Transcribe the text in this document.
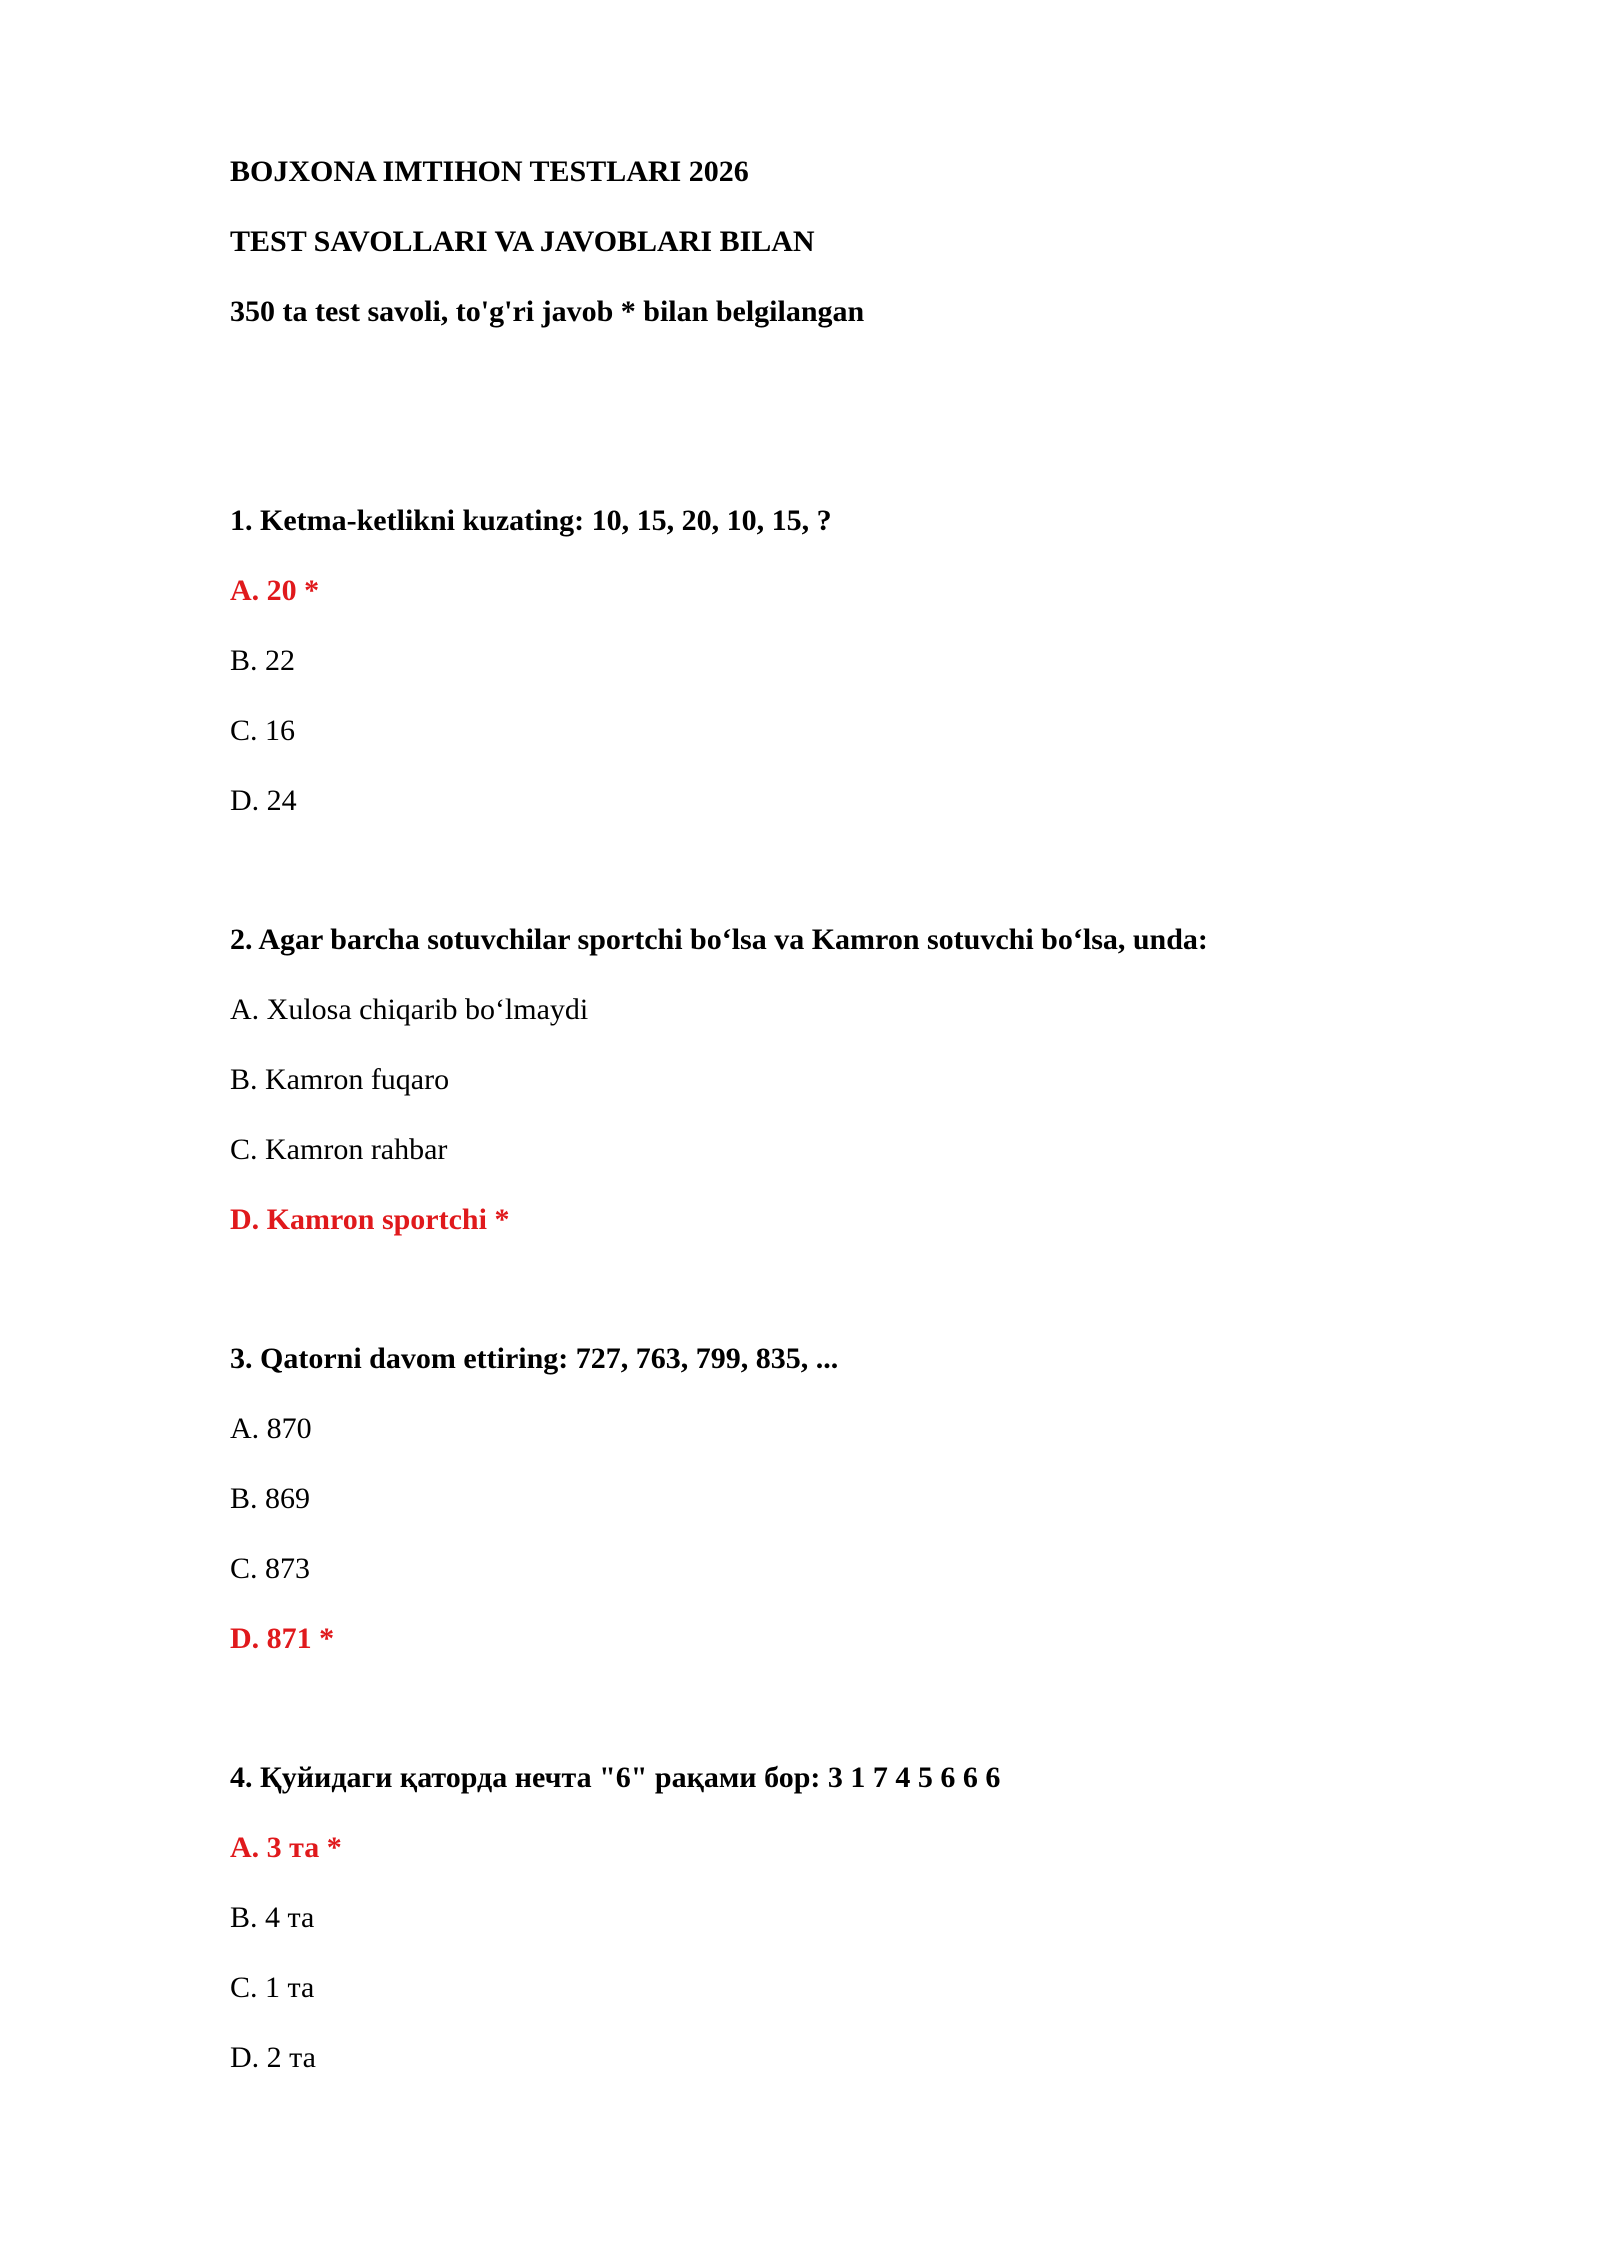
BOJXONA IMTIHON TESTLARI 2026
TEST SAVOLLARI VA JAVOBLARI BILAN
350 ta test savoli, to'g'ri javob * bilan belgilangan
1. Ketma-ketlikni kuzating: 10, 15, 20, 10, 15, ?
A. 20 *
B. 22
C. 16
D. 24
2. Agar barcha sotuvchilar sportchi bo‘lsa va Kamron sotuvchi bo‘lsa, unda:
A. Xulosa chiqarib bo‘lmaydi
B. Kamron fuqaro
C. Kamron rahbar
D. Kamron sportchi *
3. Qatorni davom ettiring: 727, 763, 799, 835, ...
A. 870
B. 869
C. 873
D. 871 *
4. Қуйидаги қаторда нечта "6" рақами бор: 3 1 7 4 5 6 6 6
A. 3 та *
B. 4 та
C. 1 та
D. 2 та
